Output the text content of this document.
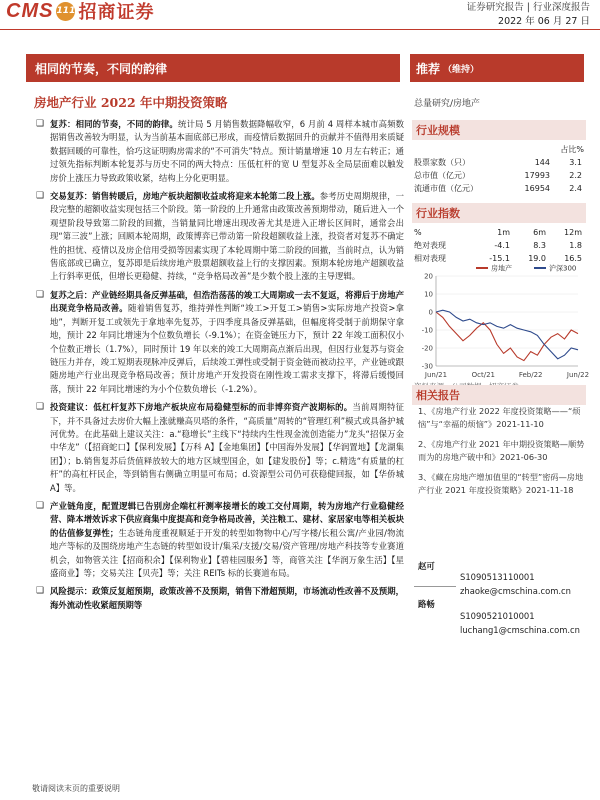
CMS 111 招商证券	证券研究报告 | 行业深度报告
2022 年 06 月 27 日
相同的节奏，不同的韵律	推荐 （维持）
房地产行业 2022 年中期投资策略	总量研究/房地产
❑ 复苏：相同的节奏，不同的韵律。统计局 5 月销售数据降幅收窄，6 月前 4 周样本城市高频数据销售改善较为明显，认为当前基本面底部已形成，而疫情后数据回升的贡献并不值得用来质疑数据回暖的可靠性，恰巧这证明购房需求的“不可消失”特点。预计销量增速 10 月左右转正；通过领先指标判断本轮复苏与历史不同的两大特点：压低杠杆的宽 U 型复苏＆全局层面难以触发房价上涨压力导致政策收紧，结构上分化更明显。
❑ 交易复苏：销售转暖后，房地产板块超额收益或将迎来本轮第二段上涨。参考历史周期规律，一段完整的超额收益实现包括三个阶段。第一阶段的上升通常由政策改善预期带动，随后进入一个观望阶段导致第二阶段的回撤，当销量同比增速出现改善尤其是进入正增长区间时，通常会出现“第三波”上涨；回顾本轮周期，政策博弈已带动第一阶段超额收益上涨，投资者对复苏不确定性的担忧、疫情以及房企信用受损等因素实现了本轮周期中第二阶段的回撤，当前时点，认为销售底部或已确立，复苏即是后续房地产股票超额收益上行的支撑因素。预期本轮房地产超额收益上行斜率更低，但增长更稳健、持续，“竞争格局改善”是少数个股上涨的主导逻辑。
❑ 复苏之后：产业链经期具备反弹基础，但浩浩荡荡的竣工大周期或一去不复返，将滞后于房地产出现竞争格局改善。随着销售复苏，维持弹性判断“竣工>开复工>销售>实际房地产投资>拿地”，判断开复工或领先于拿地率先复苏，于四季度具备反弹基础，但幅度将受制于前期保守拿地，预计 22 年同比增速为个位数负增长（-9.1%）；在资金链压力下，预计 22 年竣工面积仅小个位数正增长（1.7%），同时预计 19 年以来的竣工大周期高点渐后出现，但因行业复苏与资金链压力并存，竣工短期表现脉冲反弹后，后续竣工弹性或受制于资金链而被动拉平，产业链或跟随房地产行业出现竞争格局改善；预计房地产开发投资在刚性竣工需求支撑下，将滞后缓慢回落，预计 22 年同比增速约为小个位数负增长（-1.2%）。
❑ 投资建议：低杠杆复苏下房地产板块应布局稳健型标的而非博弈资产波期标的。当前周期特征下，并不具备过去房价大幅上涨就赚高贝塔的条件，“高质量”周转的“管理红利”模式或具备护城河优势。在此基础上建议关注：a.“稳增长”主线下“持续内生性现金流创造能力”龙头“招保万金中华龙”（【招商蛇口】【保利发展】【万科 A】【金地集团】【中国海外发展】【华润置地】【龙湖集团】）；b.销售复苏后货值释放较大的地方区域型国企，如【建发股份】等；c.精选“有质量的杠杆”的高杠杆民企，等到销售右侧确立明显可布局；d.资源型公司仍可获稳健回报，如【华侨城 A】等。
❑ 产业链角度，配置逻辑已告别房企端杠杆测率接增长的竣工交付周期，转为房地产行业稳健经营、降本增效诉求下供应商集中度提高和竞争格局改善，关注粮工、建材、家居家电等相关板块的估值修复弹性；生态链角度重视顺延于开发的转型如物物中心/写字楼/长租公寓/产业园/物流地产等标的及围绕房地产生态链的转型如设计/集采/支援/交易/资产管理/房地产科技等专业赛道机会，如物管关注【招商积余】【保利物业】【碧桂园服务】等，商管关注【华润万象生活】【星盛商业】等；交易关注【贝壳】等；关注 REITs 标的长赛道布局。
❑ 风险提示：政策反复超预期，政策改善不及预期，销售下滑超预期，市场流动性改善不及预期，海外流动性收紧超预期等
行业规模
占比%
股票家数（只）	144	3.1
总市值（亿元）	17993	2.2
流通市值（亿元）	16954	2.4
行业指数
%	1m	6m	12m
绝对表现	-4.1	8.3	1.8
相对表现	-15.1	19.0	16.5
20
10
0
-10
-20
-30
Jun/21	Oct/21	Feb/22	Jun/22
房地产	沪深300
相关报告
1、《房地产行业 2022 年度投资策略——“烦恼”与“幸福的烦恼”》2021-11-10
2、《房地产行业 2021 年中期投资策略—顺势而为的房地产破中和》2021-06-30
3、《藏在房地产增加值里的“转型”密码—房地产行业 2021 年度投资策略》2021-11-18
赵可
S1090513110001
zhaoke@cmschina.com.cn
路畅
S1090521010001
luchang1@cmschina.com.cn
敬请阅读末页的重要说明
